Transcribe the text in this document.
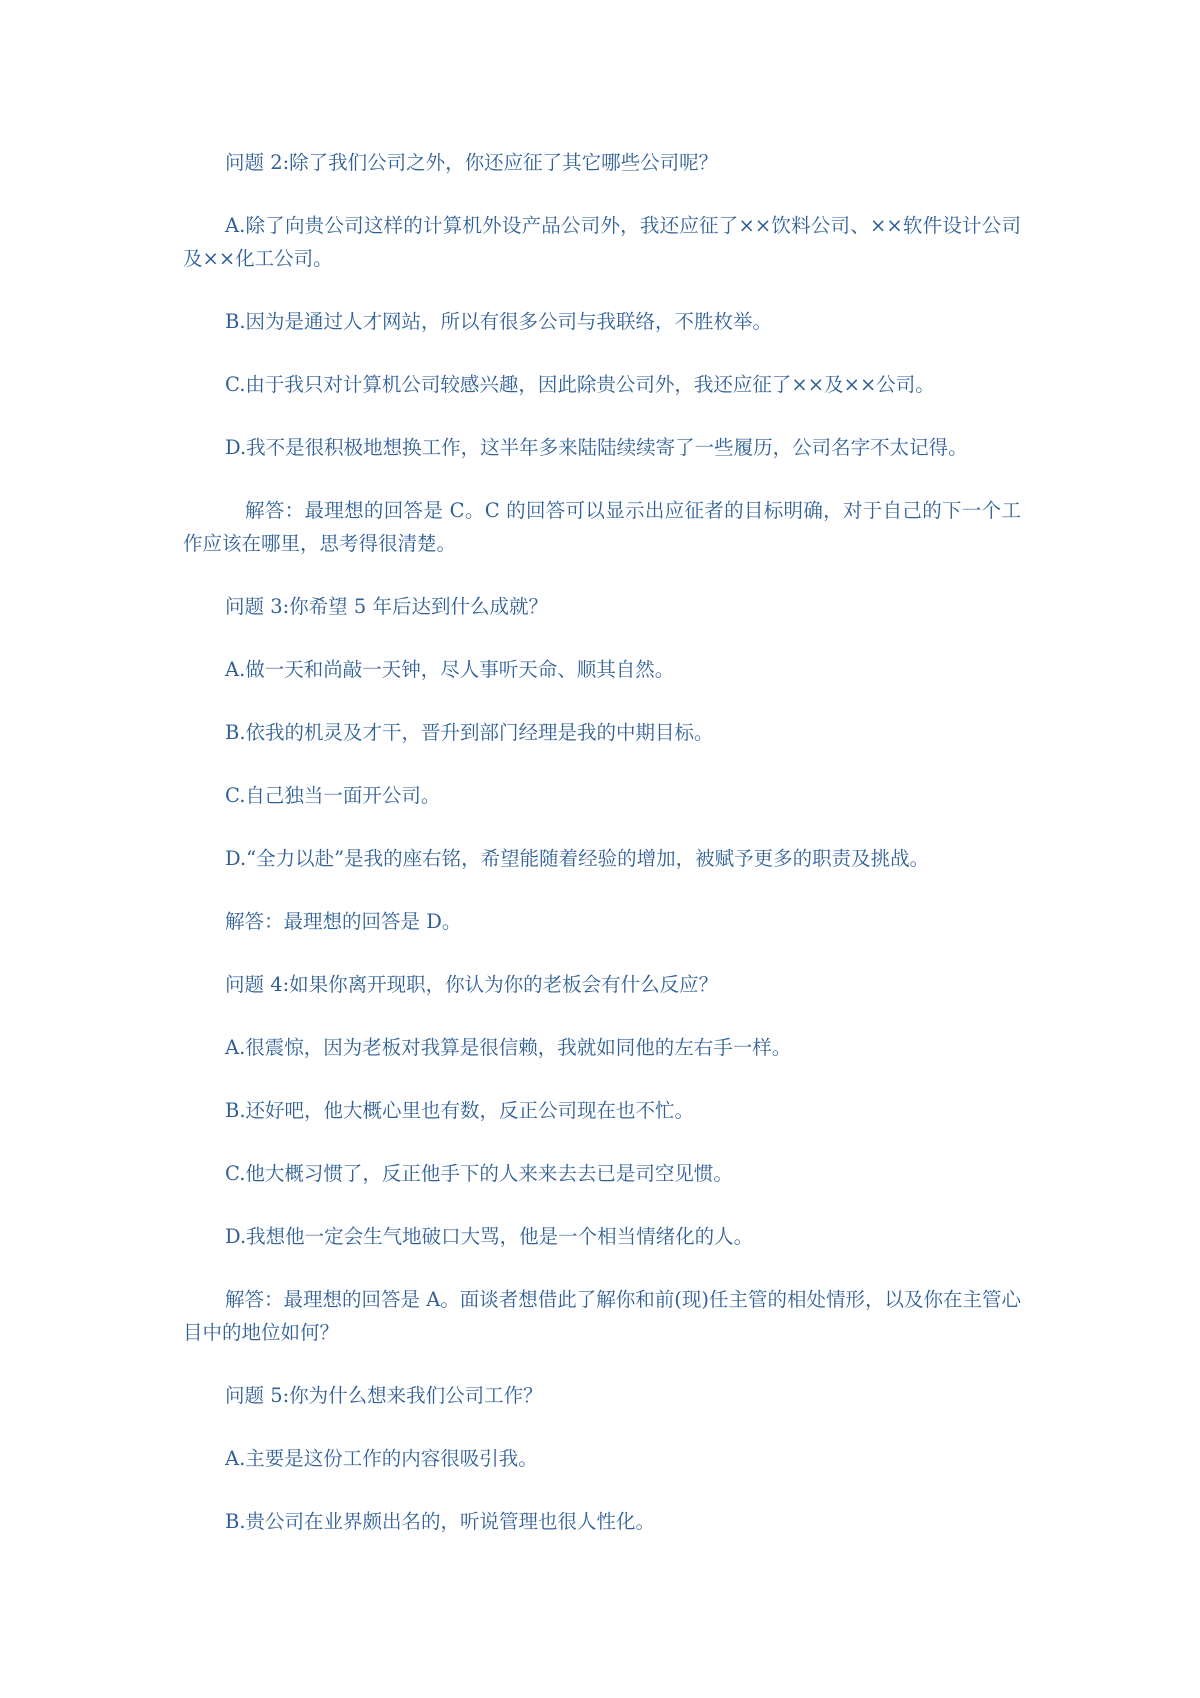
问题 2:除了我们公司之外，你还应征了其它哪些公司呢？

A.除了向贵公司这样的计算机外设产品公司外，我还应征了××饮料公司、××软件设计公司及××化工公司。

B.因为是通过人才网站，所以有很多公司与我联络，不胜枚举。

C.由于我只对计算机公司较感兴趣，因此除贵公司外，我还应征了××及××公司。

D.我不是很积极地想换工作，这半年多来陆陆续续寄了一些履历，公司名字不太记得。

解答：最理想的回答是 C。C 的回答可以显示出应征者的目标明确，对于自己的下一个工作应该在哪里，思考得很清楚。

问题 3:你希望 5 年后达到什么成就？

A.做一天和尚敲一天钟，尽人事听天命、顺其自然。

B.依我的机灵及才干，晋升到部门经理是我的中期目标。

C.自己独当一面开公司。

D.“全力以赴”是我的座右铭，希望能随着经验的增加，被赋予更多的职责及挑战。

解答：最理想的回答是 D。

问题 4:如果你离开现职，你认为你的老板会有什么反应？

A.很震惊，因为老板对我算是很信赖，我就如同他的左右手一样。

B.还好吧，他大概心里也有数，反正公司现在也不忙。

C.他大概习惯了，反正他手下的人来来去去已是司空见惯。

D.我想他一定会生气地破口大骂，他是一个相当情绪化的人。

解答：最理想的回答是 A。面谈者想借此了解你和前(现)任主管的相处情形，以及你在主管心目中的地位如何？

问题 5:你为什么想来我们公司工作？

A.主要是这份工作的内容很吸引我。

B.贵公司在业界颇出名的，听说管理也很人性化。
